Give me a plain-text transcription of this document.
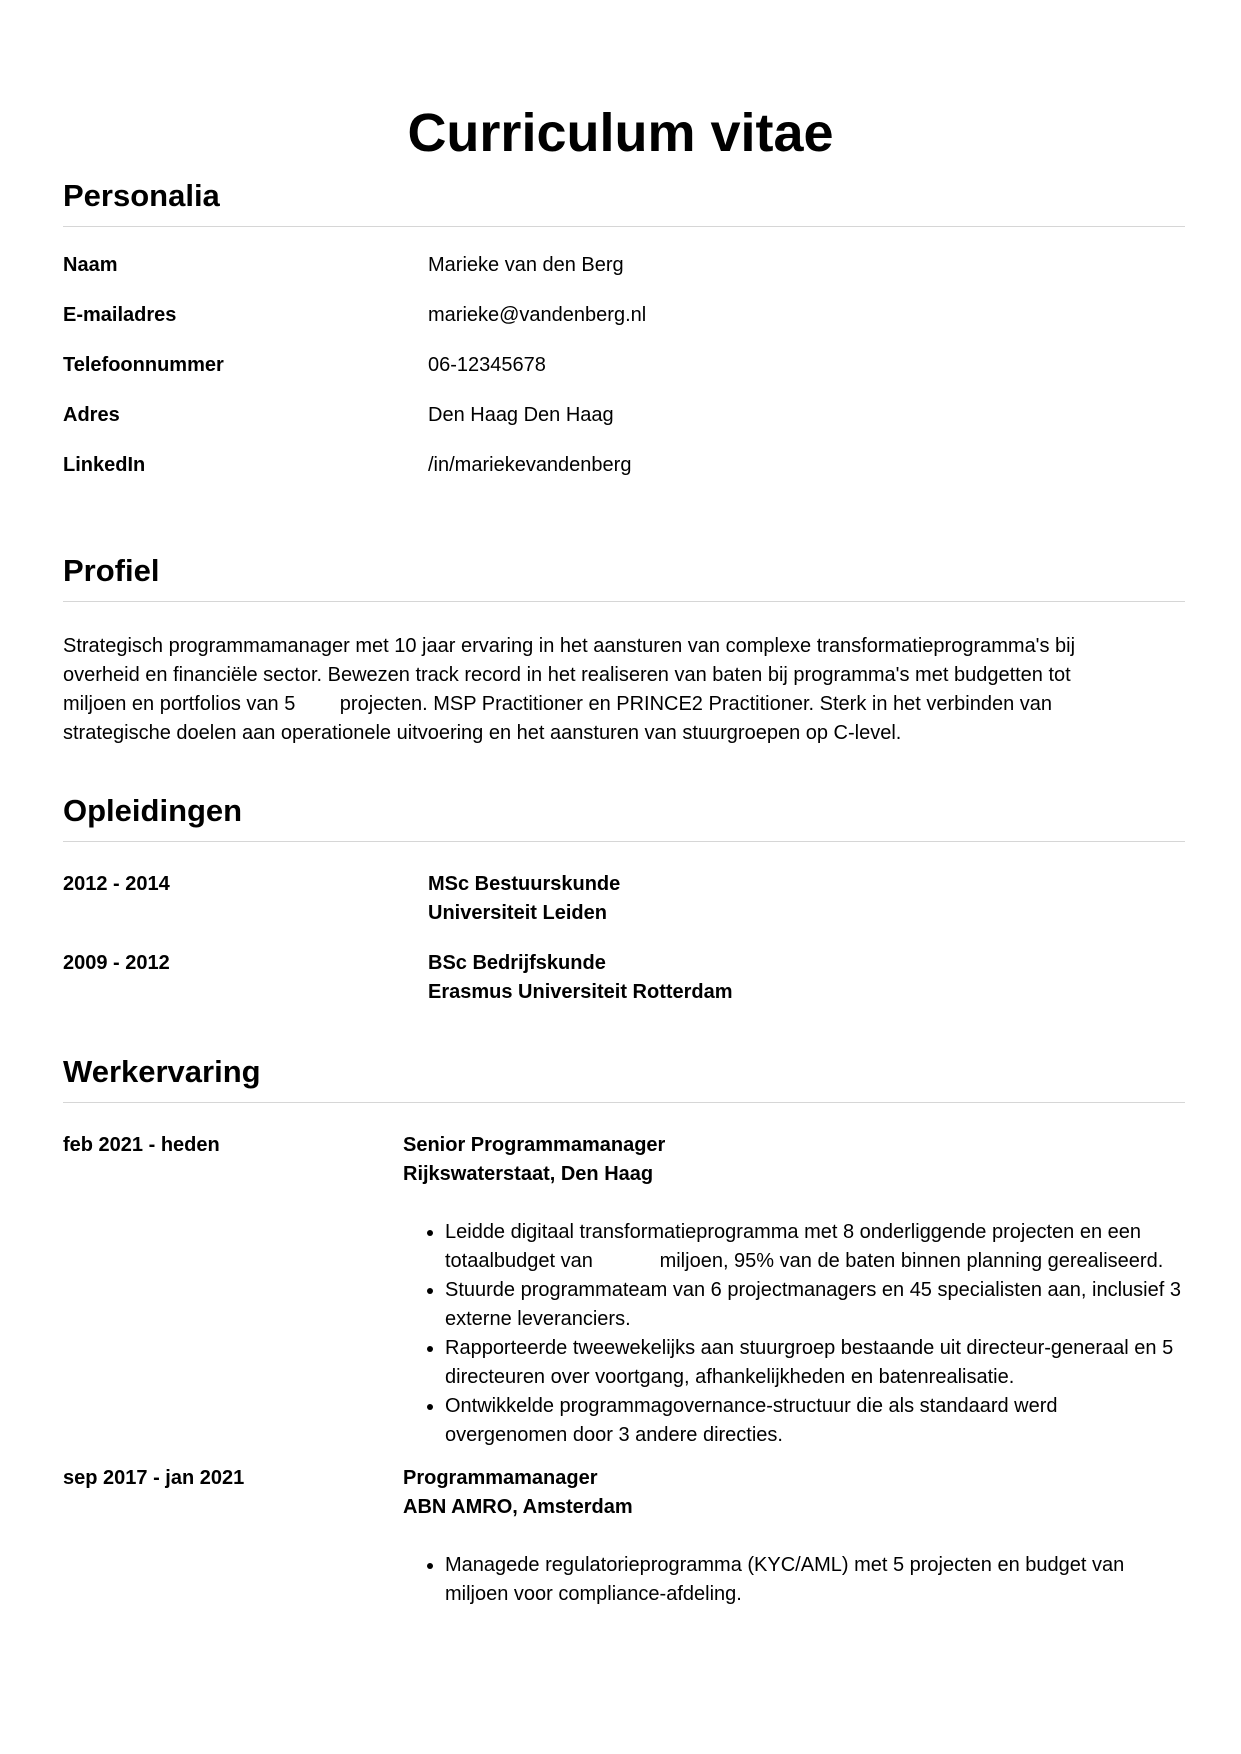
Curriculum vitae
Personalia
Naam	Marieke van den Berg
E-mailadres	marieke@vandenberg.nl
Telefoonnummer	06-12345678
Adres	Den Haag Den Haag
LinkedIn	/in/mariekevandenberg
Profiel

Strategisch programmamanager met 10 jaar ervaring in het aansturen van complexe transformatieprogramma's bij overheid en financiële sector. Bewezen track record in het realiseren van baten bij programma's met budgetten tot miljoen en portfolios van 5        projecten. MSP Practitioner en PRINCE2 Practitioner. Sterk in het verbinden van strategische doelen aan operationele uitvoering en het aansturen van stuurgroepen op C-level.

Opleidingen
2012 - 2014	MSc Bestuurskunde
Universiteit Leiden
2009 - 2012	BSc Bedrijfskunde
Erasmus Universiteit Rotterdam
Werkervaring
feb 2021 - heden	Senior Programmamanager
Rijkswaterstaat, Den Haag
• Leidde digitaal transformatieprogramma met 8 onderliggende projecten en een totaalbudget van            miljoen, 95% van de baten binnen planning gerealiseerd.
• Stuurde programmateam van 6 projectmanagers en 45 specialisten aan, inclusief 3 externe leveranciers.
• Rapporteerde tweewekelijks aan stuurgroep bestaande uit directeur-generaal en 5 directeuren over voortgang, afhankelijkheden en batenrealisatie.
• Ontwikkelde programmagovernance-structuur die als standaard werd overgenomen door 3 andere directies.
sep 2017 - jan 2021	Programmamanager
ABN AMRO, Amsterdam
• Managede regulatorieprogramma (KYC/AML) met 5 projecten en budget van          miljoen voor compliance-afdeling.
